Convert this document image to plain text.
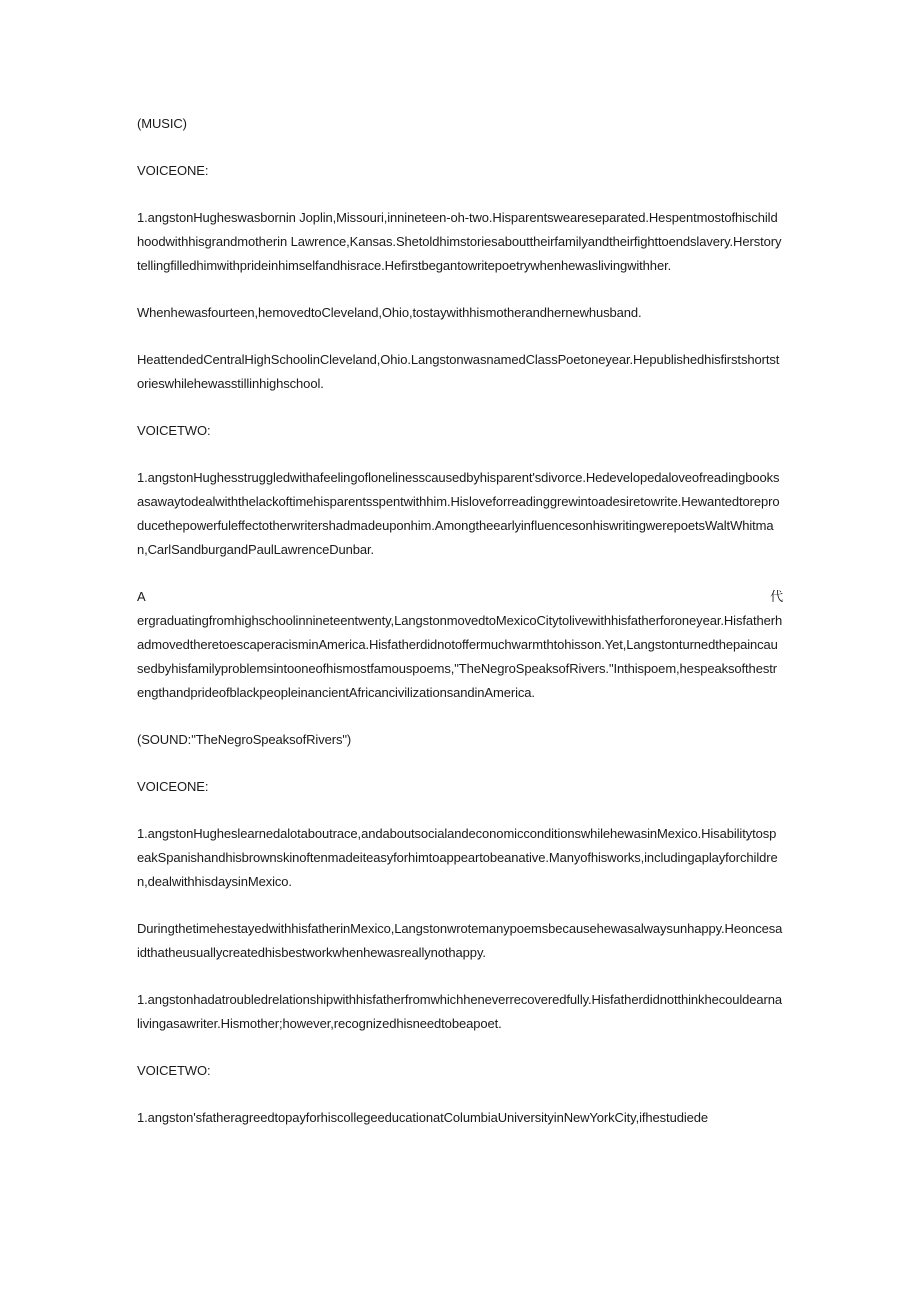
(MUSIC)

VOICEONE:

1.angstonHugheswasbornin Joplin,Missouri,innineteen-oh-two.Hisparentsweareseparated.Hespentmostofhischildhoodwithhisgrandmotherin Lawrence,Kansas.Shetoldhimstoriesabouttheirfamilyandtheirfighttoendslavery.Herstorytellingfilledhimwithprideinhimselfandhisrace.Hefirstbegantowritepoetrywhenhewaslivingwithher.

Whenhewasfourteen,hemovedtoCleveland,Ohio,tostaywithhismotherandhernewhusband.

HeattendedCentralHighSchoolinCleveland,Ohio.LangstonwasnamedClassPoetoneyear.Hepublishedhisfirstshortstorieswhilehewasstillinhighschool.

VOICETWO:

1.angstonHughesstruggledwithafeelingoflonelinesscausedbyhisparent'sdivorce.Hedevelopedaloveofreadingbooksasawaytodealwiththelackoftimehisparentsspentwithhim.Hisloveforreadinggrewintoadesiretowrite.Hewantedtoreproducethepowerfuleffectotherwritershadmadeuponhim.AmongtheearlyinfluencesonhiswritingwerepoetsWaltWhitman,CarlSandburgandPaulLawrenceDunbar.

A	代
ergraduatingfromhighschoolinnineteentwenty,LangstonmovedtoMexicoCitytolivewithhisfatherforoneyear.HisfatherhadmovedtheretoescaperacisminAmerica.Hisfatherdidnotoffermuchwarmthtohisson.Yet,Langstonturnedthepaincausedbyhisfamilyproblemsintooneofhismostfamouspoems,"TheNegroSpeaksofRivers."Inthispoem,hespeaksofthestrengthandprideofblackpeopleinancientAfricancivilizationsandinAmerica.

(SOUND:"TheNegroSpeaksofRivers")

VOICEONE:

1.angstonHugheslearnedalotaboutrace,andaboutsocialandeconomicconditionswhilehewasinMexico.HisabilitytospeakSpanishandhisbrownskinoftenmadeiteasyforhimtoappeartobeanative.Manyofhisworks,includingaplayforchildren,dealwithhisdaysinMexico.

DuringthetimehestayedwithhisfatherinMexico,Langstonwrotemanypoemsbecausehewasalwaysunhappy.Heoncesaidthatheusuallycreatedhisbestworkwhenhewasreallynothappy.

1.angstonhadatroubledrelationshipwithhisfatherfromwhichheneverrecoveredfully.Hisfatherdidnotthinkhecouldearnalivingasawriter.Hismother;however,recognizedhisneedtobeapoet.

VOICETWO:

1.angston'sfatheragreedtopayforhiscollegeeducationatColumbiaUniversityinNewYorkCity,ifhestudiede
